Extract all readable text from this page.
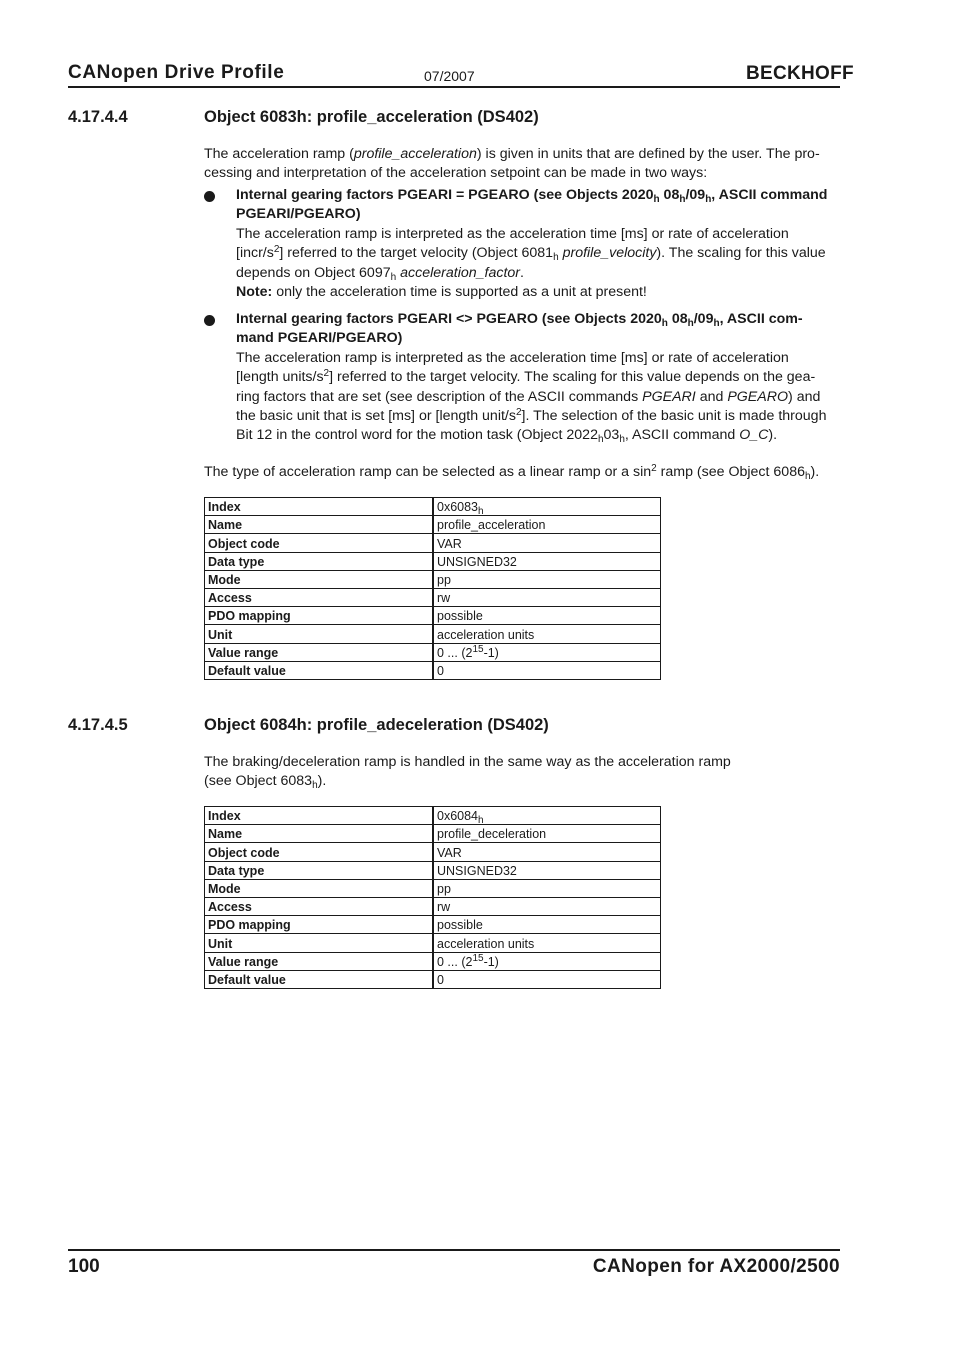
CANopen Drive Profile	07/2007	BECKHOFF
4.17.4.4	Object 6083h: profile_acceleration (DS402)

The acceleration ramp (profile_acceleration) is given in units that are defined by the user. The pro-
cessing and interpretation of the acceleration setpoint can be made in two ways:

Internal gearing factors PGEARI = PGEARO (see Objects $2020_h$ $08_h/09_h$, ASCII command
PGEARI/PGEARO)
The acceleration ramp is interpreted as the acceleration time [ms] or rate of acceleration
$[incr/s^2]$ referred to the target velocity (Object $6081_h$ profile_velocity). The scaling for this value
depends on Object $6097_h$ acceleration_factor.
Note: only the acceleration time is supported as a unit at present!
Internal gearing factors PGEARI <> PGEARO (see Objects $2020_h$ $08_h/09_h$, ASCII com-
mand PGEARI/PGEARO)
The acceleration ramp is interpreted as the acceleration time [ms] or rate of acceleration
[length units/$s^2$] referred to the target velocity. The scaling for this value depends on the gea-
ring factors that are set (see description of the ASCII commands PGEARI and PGEARO) and
the basic unit that is set [ms] or [length unit/$s^2$]. The selection of the basic unit is made through
Bit 12 in the control word for the motion task (Object $2022_h03_h$, ASCII command O_C).

The type of acceleration ramp can be selected as a linear ramp or a $\sin^2$ ramp (see Object $6086_h$).

Index	$0x6083_h$
Name	profile_acceleration
Object code	VAR
Data type	UNSIGNED32
Mode	pp
Access	rw
PDO mapping	possible
Unit	acceleration units
Value range	0 ... $(2^{15}-1)$
Default value	0
4.17.4.5	Object 6084h: profile_adeceleration (DS402)

The braking/deceleration ramp is handled in the same way as the acceleration ramp
(see Object $6083_h$).

Index	$0x6084_h$
Name	profile_deceleration
Object code	VAR
Data type	UNSIGNED32
Mode	pp
Access	rw
PDO mapping	possible
Unit	acceleration units
Value range	0 ... $(2^{15}-1)$
Default value	0
100	CANopen for AX2000/2500
